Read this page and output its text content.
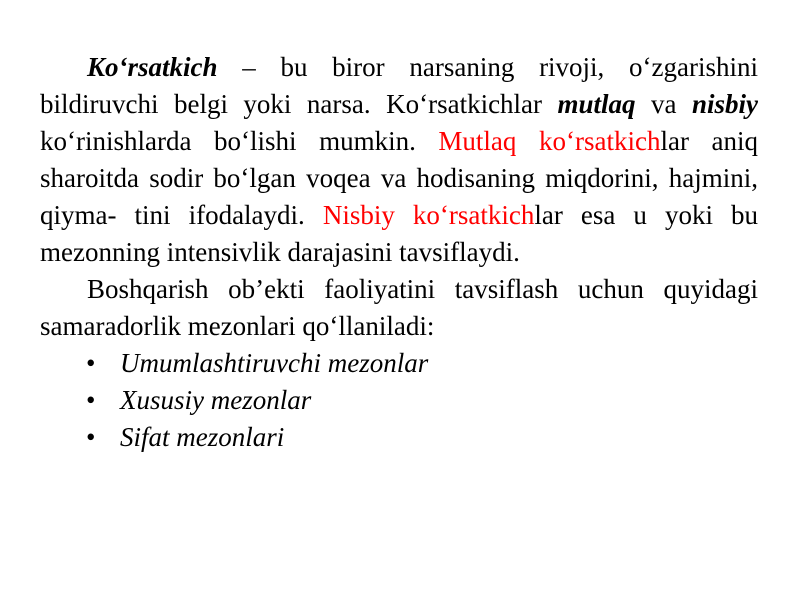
Ko‘rsatkich – bu biror narsaning rivoji, o‘zgarishini bildiruvchi belgi yoki narsa. Ko‘rsatkichlar mutlaq va nisbiy ko‘rinishlarda bo‘lishi mumkin. Mutlaq ko‘rsatkichlar aniq sharoitda sodir bo‘lgan voqea va hodisaning miqdorini, hajmini, qiyma- tini ifodalaydi. Nisbiy ko‘rsatkichlar esa u yoki bu mezonning intensivlik darajasini tavsiflaydi.

Boshqarish ob’ekti faoliyatini tavsiflash uchun quyidagi samaradorlik mezonlari qo‘llaniladi:

• Umumlashtiruvchi mezonlar
• Xususiy mezonlar
• Sifat mezonlari
